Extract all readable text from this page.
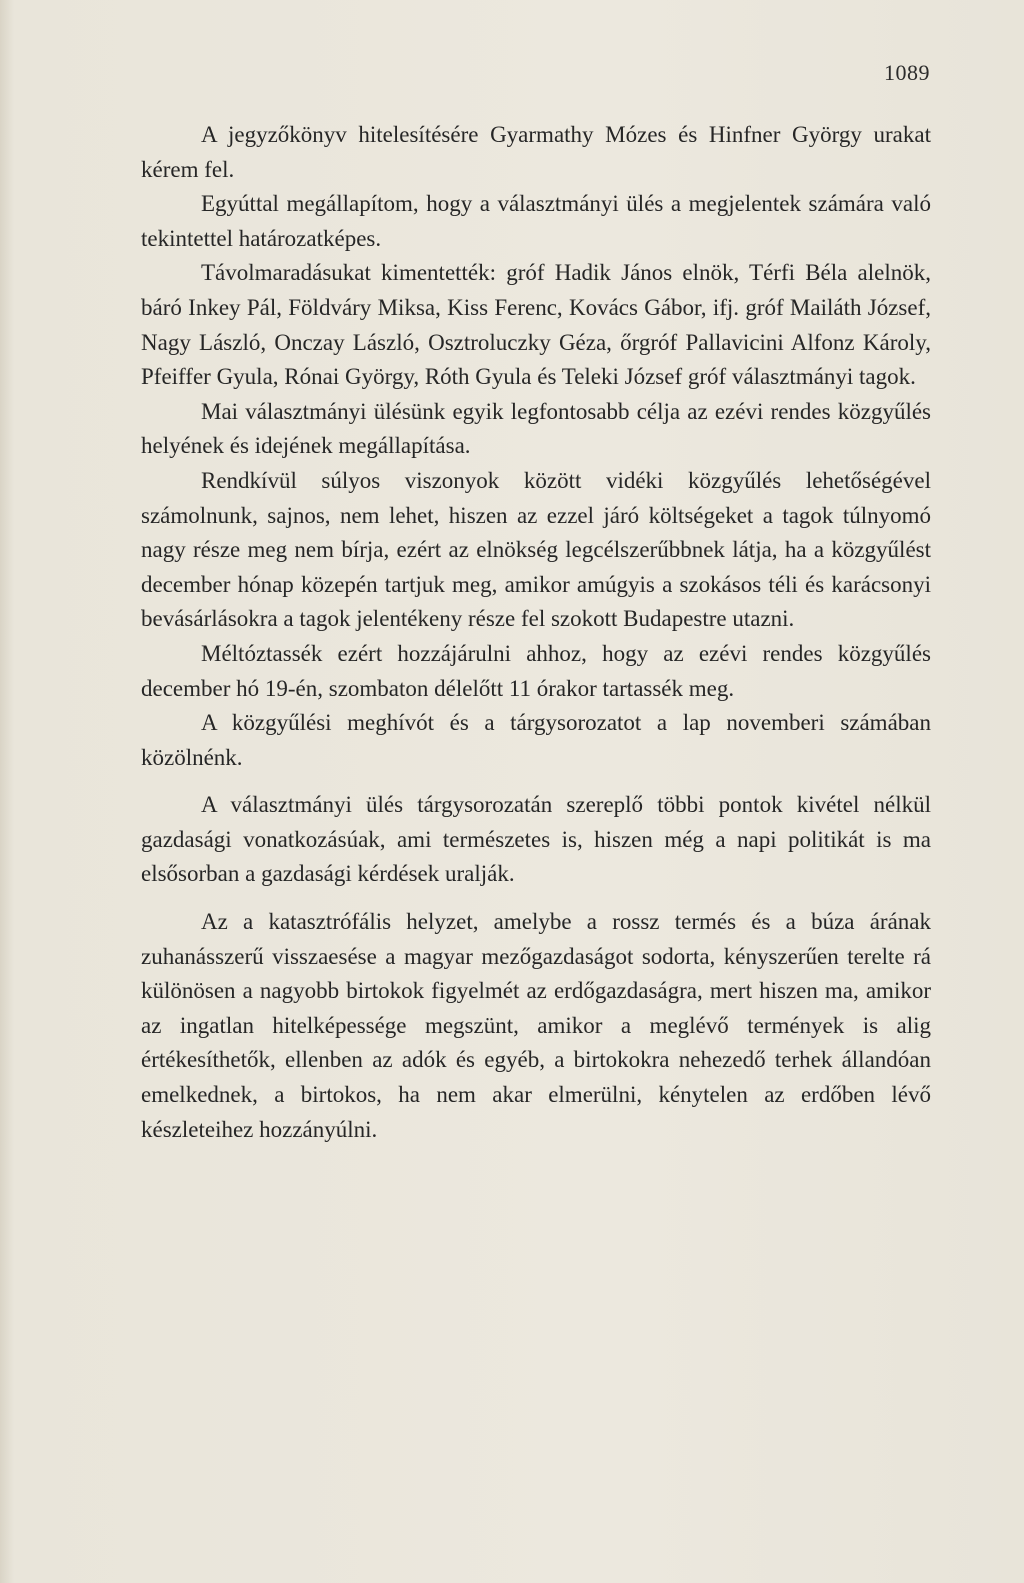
1089

A jegyzőkönyv hitelesítésére Gyarmathy Mózes és Hinfner György urakat kérem fel.

Egyúttal megállapítom, hogy a választmányi ülés a megjelentek számára való tekintettel határozatképes.

Távolmaradásukat kimentették: gróf Hadik János elnök, Térfi Béla alelnök, báró Inkey Pál, Földváry Miksa, Kiss Ferenc, Kovács Gábor, ifj. gróf Mailáth József, Nagy László, Onczay László, Osztroluczky Géza, őrgróf Pallavicini Alfonz Károly, Pfeiffer Gyula, Rónai György, Róth Gyula és Teleki József gróf választmányi tagok.

Mai választmányi ülésünk egyik legfontosabb célja az ezévi rendes közgyűlés helyének és idejének megállapítása.

Rendkívül súlyos viszonyok között vidéki közgyűlés lehetőségével számolnunk, sajnos, nem lehet, hiszen az ezzel járó költségeket a tagok túlnyomó nagy része meg nem bírja, ezért az elnökség legcélszerűbbnek látja, ha a közgyűlést december hónap közepén tartjuk meg, amikor amúgyis a szokásos téli és karácsonyi bevásárlásokra a tagok jelentékeny része fel szokott Budapestre utazni.

Méltóztassék ezért hozzájárulni ahhoz, hogy az ezévi rendes közgyűlés december hó 19-én, szombaton délelőtt 11 órakor tartassék meg.

A közgyűlési meghívót és a tárgysorozatot a lap novemberi számában közölnénk.

A választmányi ülés tárgysorozatán szereplő többi pontok kivétel nélkül gazdasági vonatkozásúak, ami természetes is, hiszen még a napi politikát is ma elsősorban a gazdasági kérdések uralják.

Az a katasztrófális helyzet, amelybe a rossz termés és a búza árának zuhanásszerű visszaesése a magyar mezőgazdaságot sodorta, kényszerűen terelte rá különösen a nagyobb birtokok figyelmét az erdőgazdaságra, mert hiszen ma, amikor az ingatlan hitelképessége megszünt, amikor a meglévő termények is alig értékesíthetők, ellenben az adók és egyéb, a birtokokra nehezedő terhek állandóan emelkednek, a birtokos, ha nem akar elmerülni, kénytelen az erdőben lévő készleteihez hozzányúlni.
